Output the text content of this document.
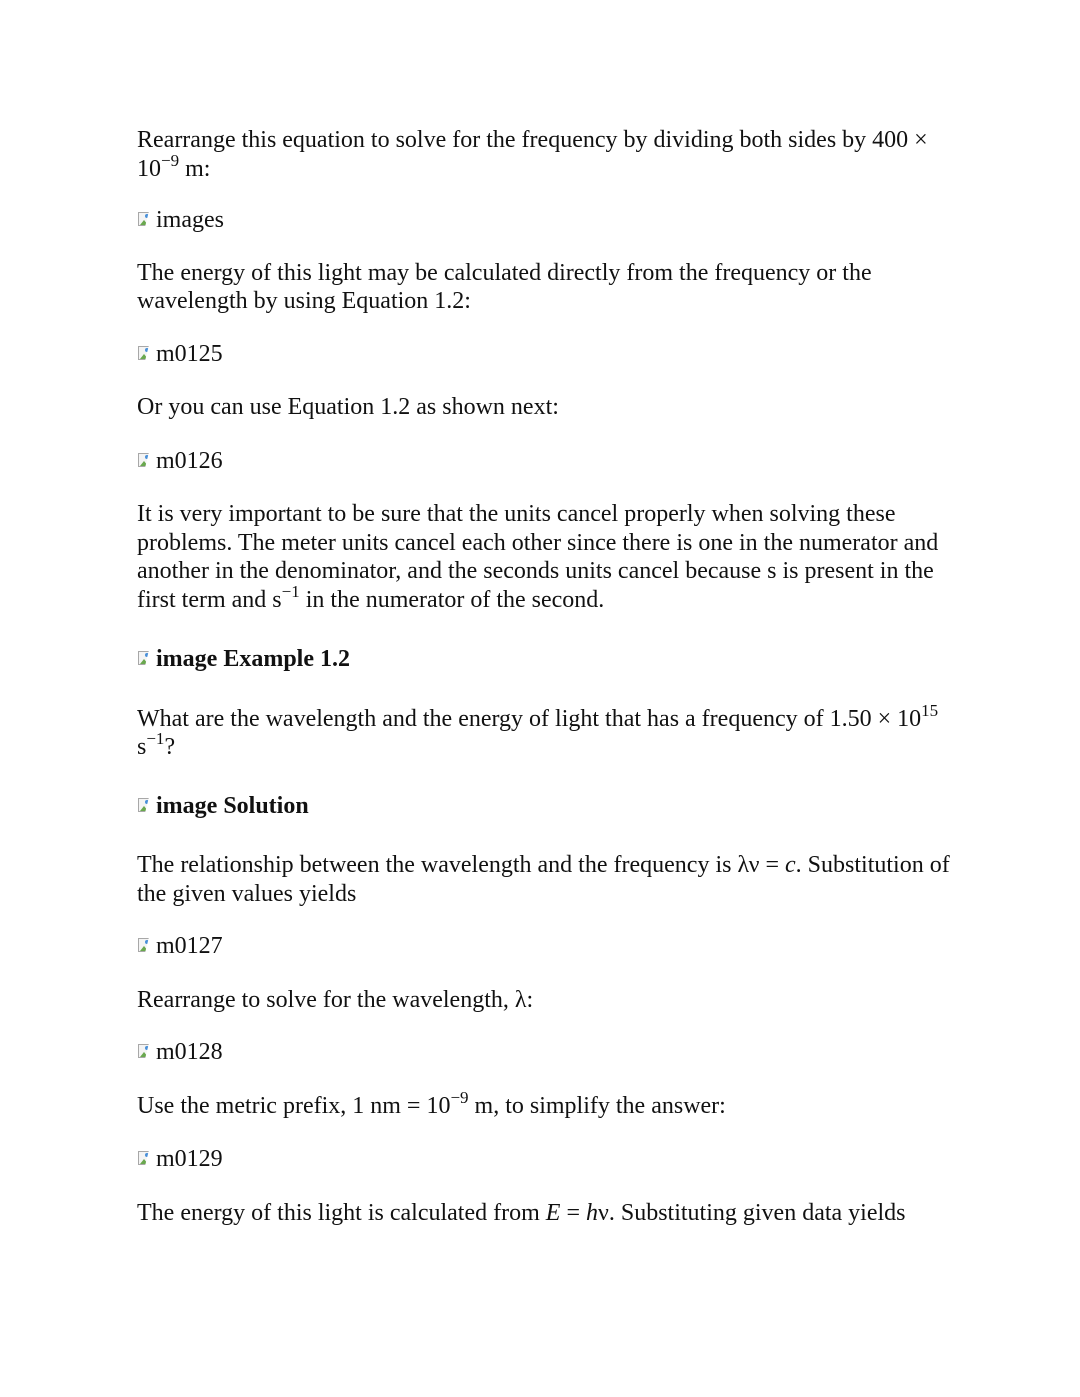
Rearrange this equation to solve for the frequency by dividing both sides by $400 \times 10^{-9}$ m:

images

The energy of this light may be calculated directly from the frequency or the wavelength by using Equation 1.2:

m0125

Or you can use Equation 1.2 as shown next:

m0126

It is very important to be sure that the units cancel properly when solving these problems. The meter units cancel each other since there is one in the numerator and another in the denominator, and the seconds units cancel because s is present in the first term and $s^{-1}$ in the numerator of the second.

image Example 1.2

What are the wavelength and the energy of light that has a frequency of $1.50 \times 10^{15}$ $s^{-1}$?

image Solution

The relationship between the wavelength and the frequency is λν = c. Substitution of the given values yields

m0127

Rearrange to solve for the wavelength, λ:

m0128

Use the metric prefix, 1 nm = $10^{-9}$ m, to simplify the answer:

m0129

The energy of this light is calculated from E = hν. Substituting given data yields
